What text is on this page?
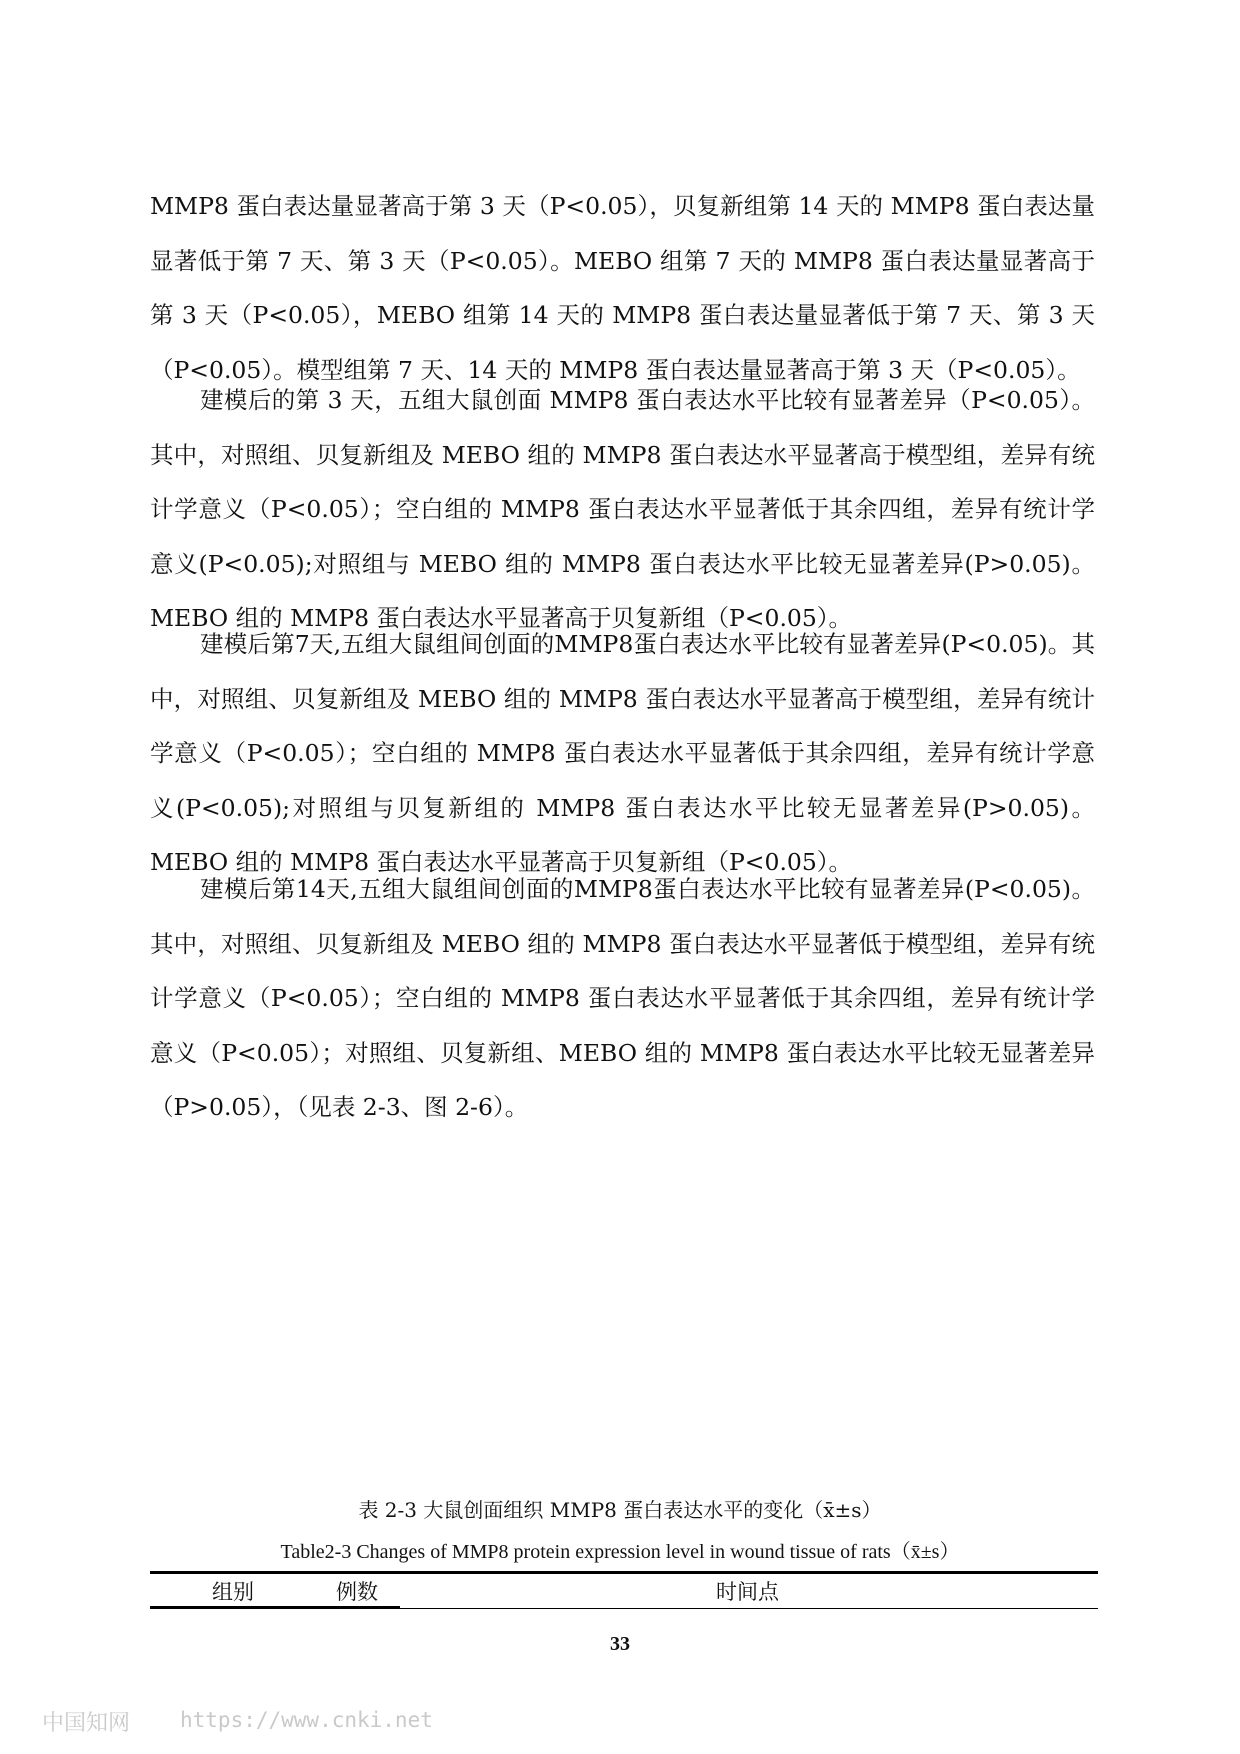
MMP8 蛋白表达量显著高于第 3 天（P<0.05），贝复新组第 14 天的 MMP8 蛋白表达量显著低于第 7 天、第 3 天（P<0.05）。MEBO 组第 7 天的 MMP8 蛋白表达量显著高于第 3 天（P<0.05），MEBO 组第 14 天的 MMP8 蛋白表达量显著低于第 7 天、第 3 天（P<0.05）。模型组第 7 天、14 天的 MMP8 蛋白表达量显著高于第 3 天（P<0.05）。

建模后的第 3 天，五组大鼠创面 MMP8 蛋白表达水平比较有显著差异（P<0.05）。其中，对照组、贝复新组及 MEBO 组的 MMP8 蛋白表达水平显著高于模型组，差异有统计学意义（P<0.05）；空白组的 MMP8 蛋白表达水平显著低于其余四组，差异有统计学意义(P<0.05);对照组与 MEBO 组的 MMP8 蛋白表达水平比较无显著差异(P>0.05)。MEBO 组的 MMP8 蛋白表达水平显著高于贝复新组（P<0.05）。

建模后第7天,五组大鼠组间创面的MMP8蛋白表达水平比较有显著差异(P<0.05)。其中，对照组、贝复新组及 MEBO 组的 MMP8 蛋白表达水平显著高于模型组，差异有统计学意义（P<0.05）；空白组的 MMP8 蛋白表达水平显著低于其余四组，差异有统计学意义(P<0.05);对照组与贝复新组的 MMP8 蛋白表达水平比较无显著差异(P>0.05)。MEBO 组的 MMP8 蛋白表达水平显著高于贝复新组（P<0.05）。

建模后第14天,五组大鼠组间创面的MMP8蛋白表达水平比较有显著差异(P<0.05)。其中，对照组、贝复新组及 MEBO 组的 MMP8 蛋白表达水平显著低于模型组，差异有统计学意义（P<0.05）；空白组的 MMP8 蛋白表达水平显著低于其余四组，差异有统计学意义（P<0.05）；对照组、贝复新组、MEBO 组的 MMP8 蛋白表达水平比较无显著差异（P>0.05），（见表 2-3、图 2-6）。

表 2-3 大鼠创面组织 MMP8 蛋白表达水平的变化（x̄±s）
Table2-3 Changes of MMP8 protein expression level in wound tissue of rats（x̄±s）
组别	例数	时间点
33
中国知网 https://www.cnki.net
